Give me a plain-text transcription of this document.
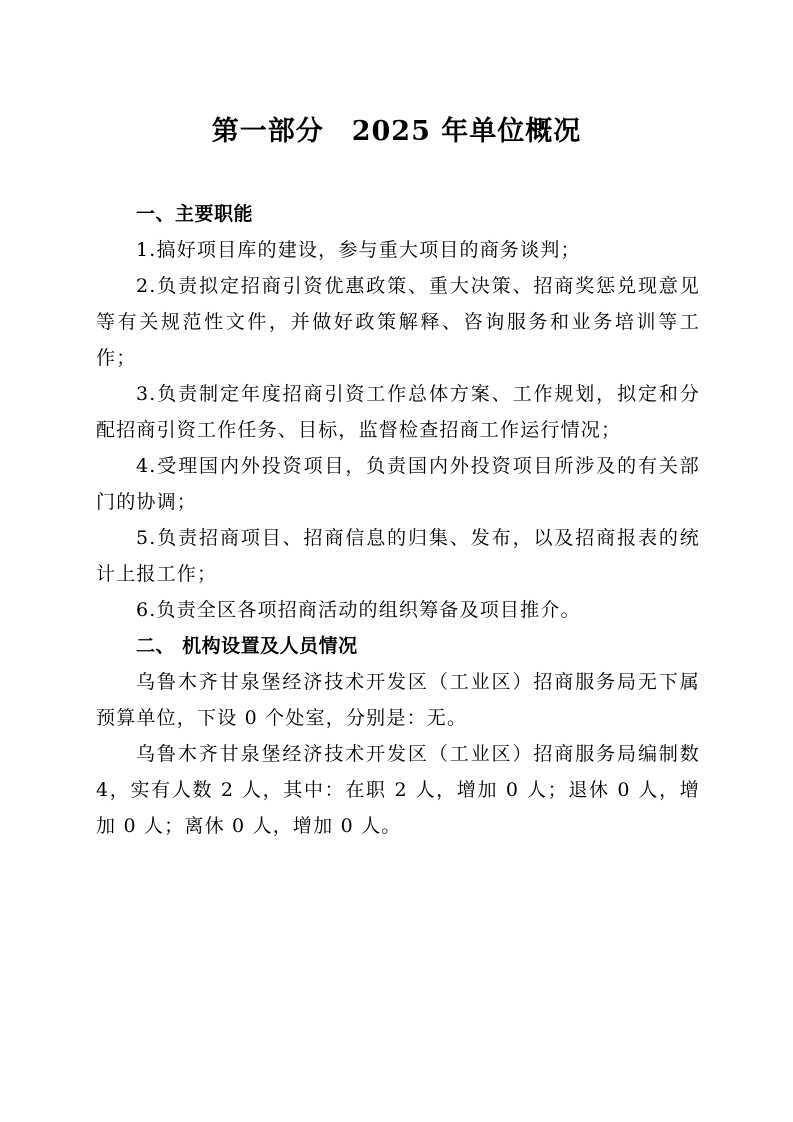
第一部分　2025 年单位概况
一、主要职能

1.搞好项目库的建设，参与重大项目的商务谈判；

2.负责拟定招商引资优惠政策、重大决策、招商奖惩兑现意见等有关规范性文件，并做好政策解释、咨询服务和业务培训等工作；

3.负责制定年度招商引资工作总体方案、工作规划，拟定和分配招商引资工作任务、目标，监督检查招商工作运行情况；

4.受理国内外投资项目，负责国内外投资项目所涉及的有关部门的协调；

5.负责招商项目、招商信息的归集、发布，以及招商报表的统计上报工作；

6.负责全区各项招商活动的组织筹备及项目推介。

二、 机构设置及人员情况

乌鲁木齐甘泉堡经济技术开发区（工业区）招商服务局无下属预算单位，下设 0 个处室，分别是：无。

乌鲁木齐甘泉堡经济技术开发区（工业区）招商服务局编制数 4，实有人数 2 人，其中：在职 2 人，增加 0 人；退休 0 人，增加 0 人；离休 0 人，增加 0 人。
